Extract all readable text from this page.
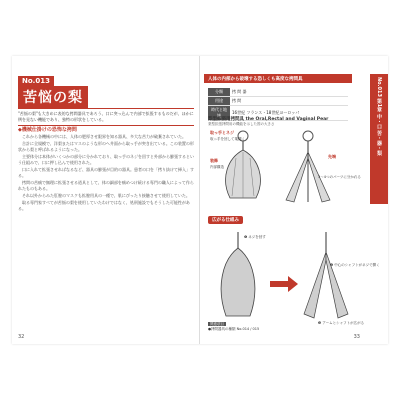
No.013
苦悩の梨
"苦悩の梨"も大きめに表的な拷問器具であろう、口に突っ込んで内部で拡張するものだが、ほかに例を見ない機能であり、独特の形状をしている。
◆機械仕掛けの恐怖な拷問

これから各機械の中には、人体の肥厚させ限界を知る器具、多大な苦力が破棄されていた。

合計に全規模で、洋梨またはマスのような形のヘ井面から取っ手が突き出ている。この装置の形状から梨と呼ばれるようになった。

主要体分は本体がいくつかの部分に分かれており、取っ手のネジを回すと外部から膨張するという仕組みで、口に押し込んで使用された。

口に入れて拡張させればなるなど、器具の膨張が目的の器具。患者の口を「拷り抜けて挿入」する。

拷問の苦痛で無理に拡張させる道具として、体の細部を痛めつけ続ける専門の職人によって作られたものもある。

それ以外からみた肛膣のマスクも拡膣用具の一種で、肌にぴったり接触させて使用していた。

取る専門家すべてが苦悩の梨を使用していたわけではなく、処刑施設でもそうした可能性がある。

32
人体の内部から破壊する恐しくも高度な拷問具	No.013 第1章 中・口 苦・器・梨
分類	拷 問 器
用途	拷 問
時代と地域	16世紀 フランス・18世紀ヨーロッパ
梨型拡張用拷問具 the Oral,Rectal and Vaginal Pear
梨型拡張拷問用の機能を示した図の大きさ
取っ手とネジ
取っ手を回して葉開く
装飾
内部構造
先端
3～4つのパーツに分かれる
広がる仕組み
❶ ネジを回す
❷ 中心のシャフトがネジで開く
❸ アームとシャフトが広がる
関連項目
●拷問器具の種類 No.014 / 015
33
